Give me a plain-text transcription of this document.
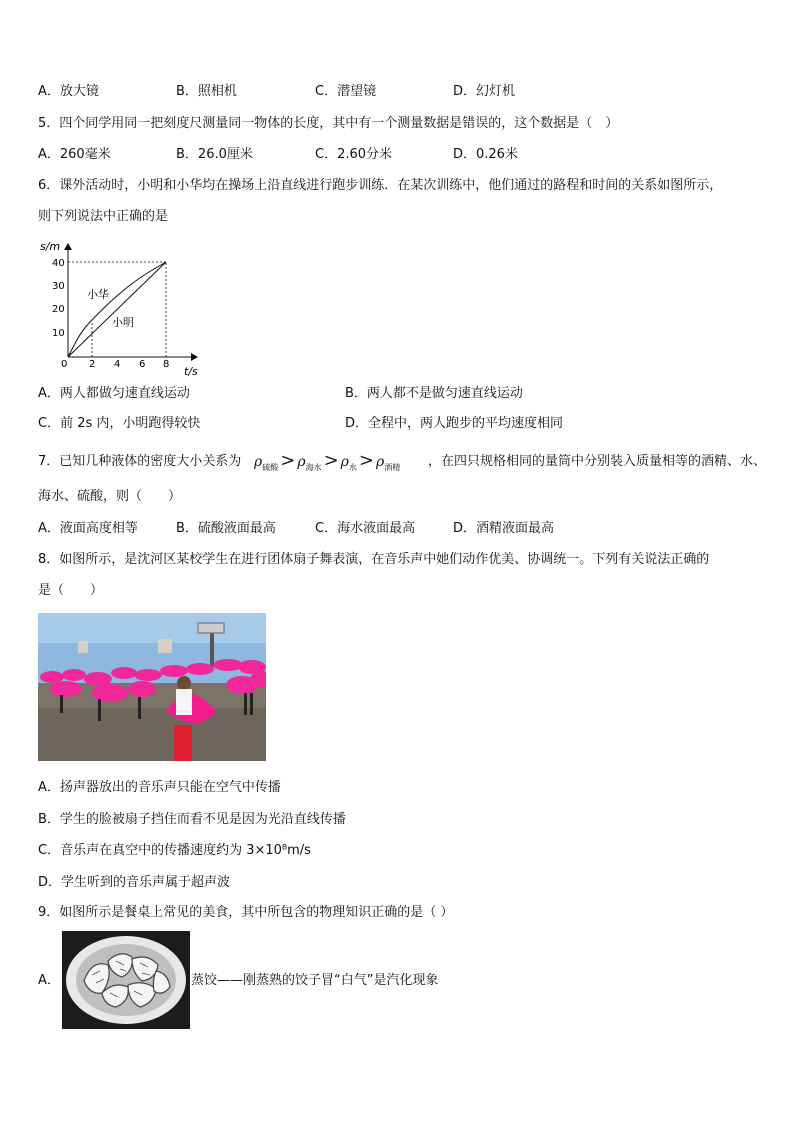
A．放大镜	B．照相机	C．潜望镜	D．幻灯机
5．四个同学用同一把刻度尺测量同一物体的长度，其中有一个测量数据是错误的，这个数据是（　）
A．260毫米	B．26.0厘米	C．2.60分米	D．0.26米
6．课外活动时，小明和小华均在操场上沿直线进行跑步训练．在某次训练中，他们通过的路程和时间的关系如图所示，
则下列说法中正确的是
s/m
t/s
0 2 4 6 8
10
20
30
40
小华
小明
A．两人都做匀速直线运动	B．两人都不是做匀速直线运动
C．前 2s 内，小明跑得较快	D．全程中，两人跑步的平均速度相同
7．已知几种液体的密度大小关系为 $\rho_{硫酸} > \rho_{海水} > \rho_水 > \rho_{酒精}$ ，在四只规格相同的量筒中分别装入质量相等的酒精、水、
海水、硫酸，则（　　）
A．液面高度相等	B．硫酸液面最高	C．海水液面最高	D．酒精液面最高
8．如图所示，是沈河区某校学生在进行团体扇子舞表演，在音乐声中她们动作优美、协调统一。下列有关说法正确的
是（　　）
A．扬声器放出的音乐声只能在空气中传播
B．学生的脸被扇子挡住而看不见是因为光沿直线传播
C．音乐声在真空中的传播速度约为 3×10⁸m/s
D．学生听到的音乐声属于超声波
9．如图所示是餐桌上常见的美食，其中所包含的物理知识正确的是（ ）
A．	蒸饺——刚蒸熟的饺子冒“白气”是汽化现象
